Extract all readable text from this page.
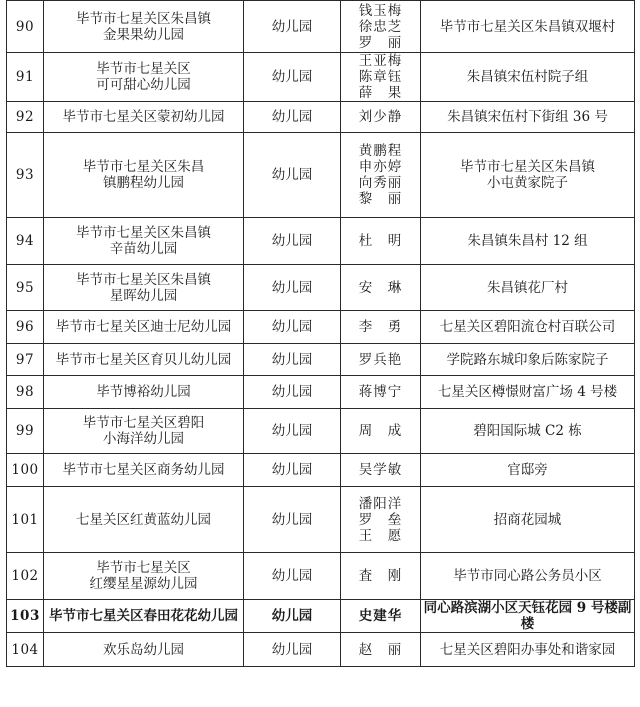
90	毕节市七星关区朱昌镇
金果果幼儿园	幼儿园	钱玉梅
徐忠芝
罗　丽	毕节市七星关区朱昌镇双堰村

91	毕节市七星关区
可可甜心幼儿园	幼儿园	王亚梅
陈章钰
薛　果	朱昌镇宋伍村院子组

92	毕节市七星关区蒙初幼儿园	幼儿园	刘少静	朱昌镇宋伍村下街组 36 号

93	毕节市七星关区朱昌
镇鹏程幼儿园	幼儿园	黄鹏程
申亦婷
向秀丽
黎　丽	毕节市七星关区朱昌镇
小屯黄家院子

94	毕节市七星关区朱昌镇
辛苗幼儿园	幼儿园	杜　明	朱昌镇朱昌村 12 组

95	毕节市七星关区朱昌镇
星晖幼儿园	幼儿园	安　琳	朱昌镇花厂村

96	毕节市七星关区迪士尼幼儿园	幼儿园	李　勇	七星关区碧阳流仓村百联公司

97	毕节市七星关区育贝儿幼儿园	幼儿园	罗兵艳	学院路东城印象后陈家院子

98	毕节博裕幼儿园	幼儿园	蒋博宁	七星关区樽憬财富广场 4 号楼

99	毕节市七星关区碧阳
小海洋幼儿园	幼儿园	周　成	碧阳国际城 C2 栋

100	毕节市七星关区商务幼儿园	幼儿园	吴学敏	官邸旁

101	七星关区红黄蓝幼儿园	幼儿园	潘阳洋
罗　垒
王　愿	招商花园城

102	毕节市七星关区
红缨星星源幼儿园	幼儿园	査　刚	毕节市同心路公务员小区

103	毕节市七星关区春田花花幼儿园	幼儿园	史建华	同心路滨湖小区天钰花园 9 号楼副楼

104	欢乐岛幼儿园	幼儿园	赵　丽	七星关区碧阳办事处和谐家园
